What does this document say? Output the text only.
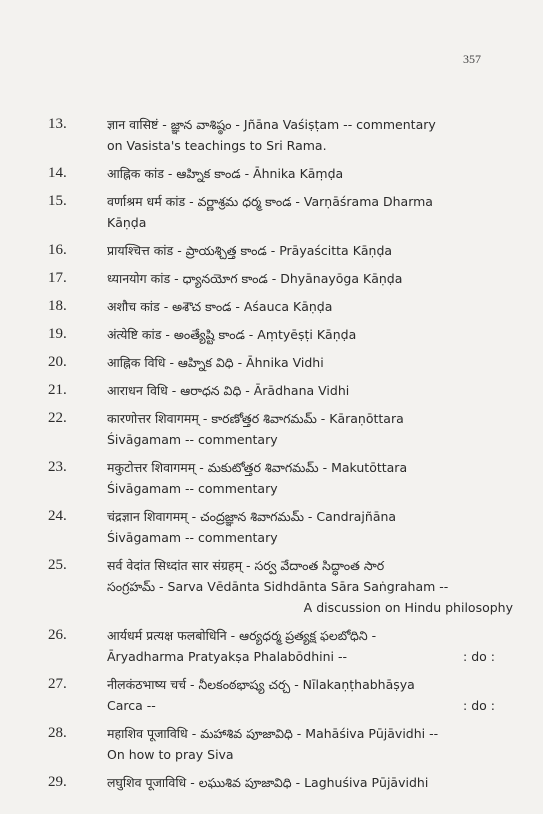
357
13.	ज्ञान वासिष्टं - జ్ఞాన వాశిష్ఠం - Jñāna Vaśiṣṭam -- commentary
on Vasista's teachings to Sri Rama.
14.	आह्निक कांड - ఆహ్నిక కాండ - Āhnika Kāṃḍa
15.	वर्णाश्रम धर्म कांड - వర్ణాశ్రమ ధర్మ కాండ - Varṇāśrama Dharma
Kāṇḍa
16.	प्रायश्चित्त कांड - ప్రాయశ్చిత్త కాండ - Prāyaścitta Kāṇḍa
17.	ध्यानयोग कांड - ధ్యానయోగ కాండ - Dhyānayōga Kāṇḍa
18.	अशौच कांड - అశౌచ కాండ - Aśauca Kāṇḍa
19.	अंत्येष्टि कांड - అంత్యేష్టి కాండ - Aṃtyēṣṭi Kāṇḍa
20.	आह्निक विधि - ఆహ్నిక విధి - Āhnika Vidhi
21.	आराधन विधि - ఆరాధన విధి - Ārādhana Vidhi
22.	कारणोत्तर शिवागमम् - కారణోత్తర శివాగమమ్ - Kāraṇōttara
Śivāgamam -- commentary
23.	मकुटोत्तर शिवागमम् - మకుటోత్తర శివాగమమ్ - Makutōttara
Śivāgamam -- commentary
24.	चंद्रज्ञान शिवागमम् - చంద్రజ్ఞాన శివాగమమ్ - Candrajñāna
Śivāgamam -- commentary
25.	सर्व वेदांत सिध्दांत सार संग्रहम् - సర్వ వేదాంత సిద్ధాంత సార
సంగ్రహమ్ - Sarva Vēdānta Sidhdānta Sāra Saṅgraham --
A discussion on Hindu philosophy
26.	आर्यधर्म प्रत्यक्ष फलबोधिनि - ఆర్యధర్మ ప్రత్యక్ష ఫలబోధిని -
Āryadharma Pratyakṣa Phalabōdhini --	: do :
27.	नीलकंठभाष्य चर्च - నీలకంఠభాష్య చర్చ - Nīlakaṇṭhabhāṣya
Carca --	: do :
28.	महाशिव पूजाविधि - మహాశివ పూజావిధి - Mahāśiva Pūjāvidhi --
On how to pray Siva
29.	लघुशिव पूजाविधि - లఘుశివ పూజావిధి - Laghuśiva Pūjāvidhi
